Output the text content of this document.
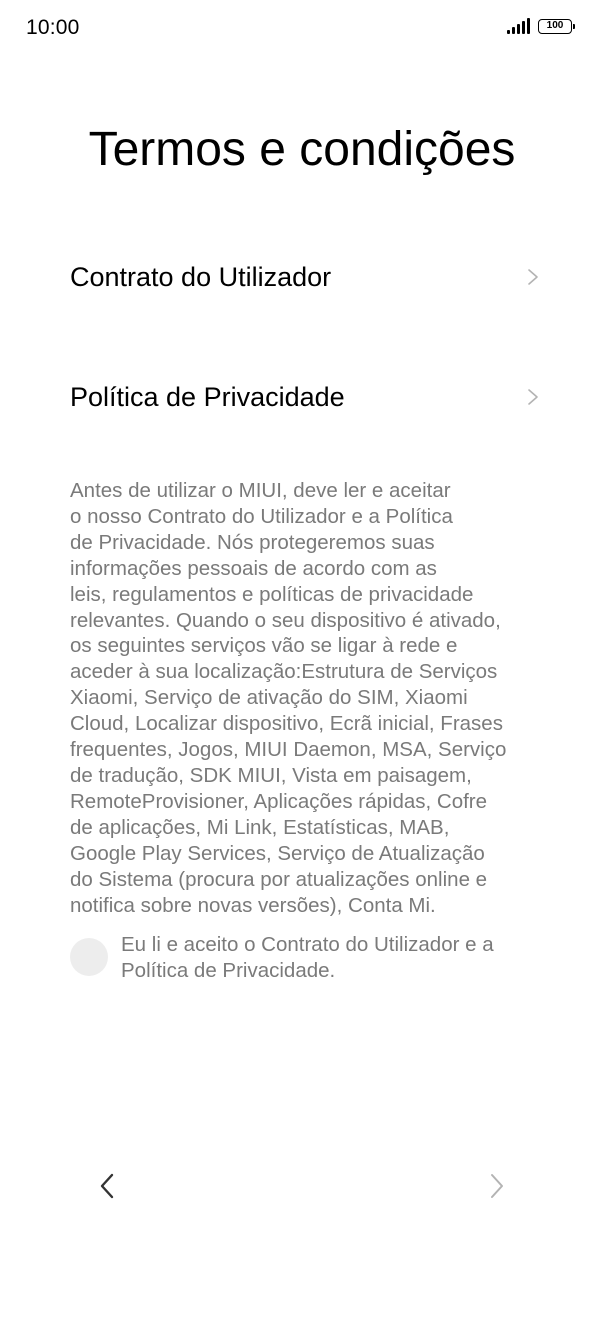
10:00	100
Termos e condições
Contrato do Utilizador
Política de Privacidade

Antes de utilizar o MIUI, deve ler e aceitar
o nosso Contrato do Utilizador e a Política
de Privacidade. Nós protegeremos suas
informações pessoais de acordo com as
leis, regulamentos e políticas de privacidade
relevantes. Quando o seu dispositivo é ativado,
os seguintes serviços vão se ligar à rede e
aceder à sua localização:Estrutura de Serviços
Xiaomi, Serviço de ativação do SIM, Xiaomi
Cloud, Localizar dispositivo, Ecrã inicial, Frases
frequentes, Jogos, MIUI Daemon, MSA, Serviço
de tradução, SDK MIUI, Vista em paisagem,
RemoteProvisioner, Aplicações rápidas, Cofre
de aplicações, Mi Link, Estatísticas, MAB,
Google Play Services, Serviço de Atualização
do Sistema (procura por atualizações online e
notifica sobre novas versões), Conta Mi.

Eu li e aceito o Contrato do Utilizador e a
Política de Privacidade.
